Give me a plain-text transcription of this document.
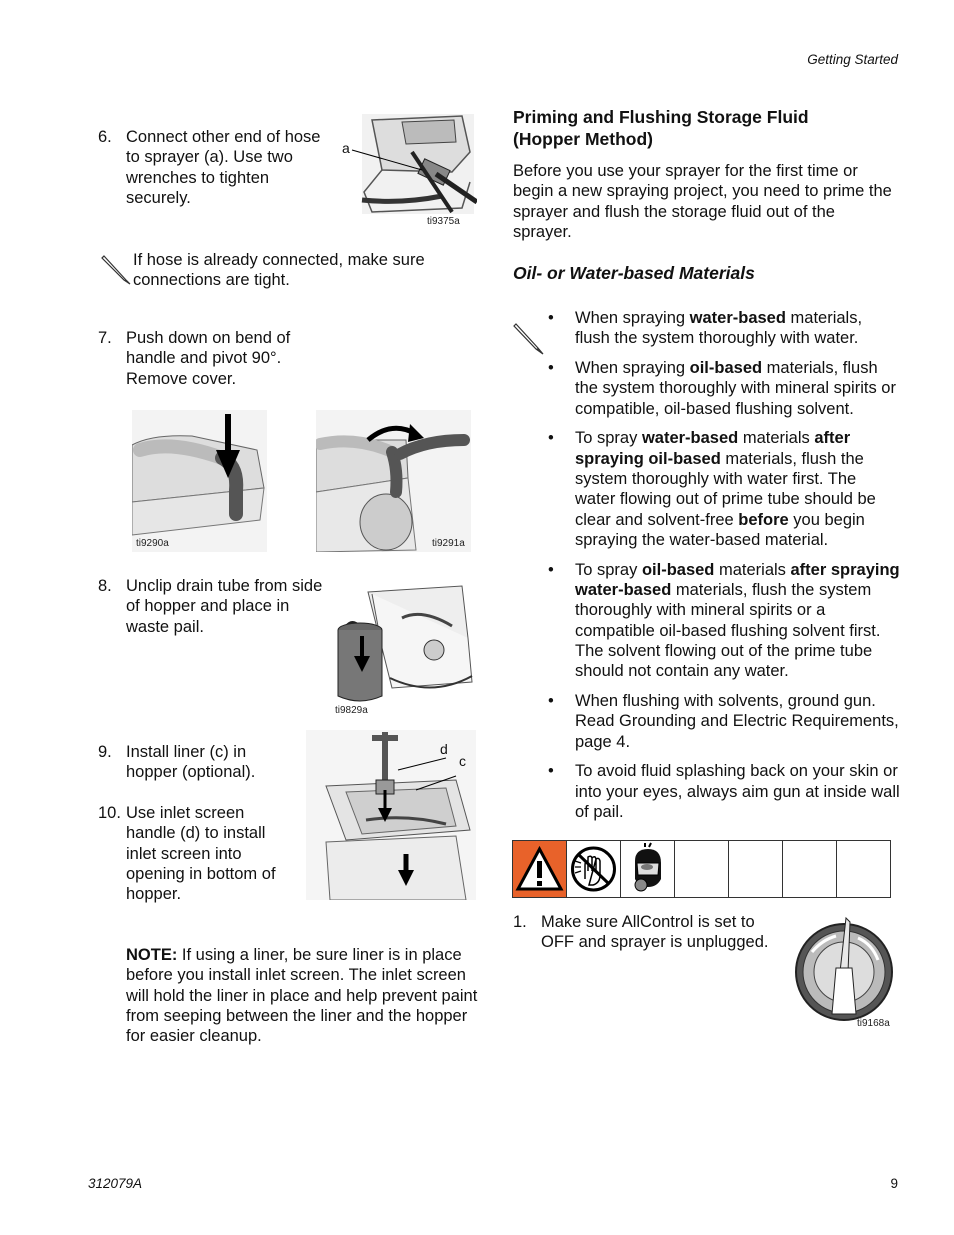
Getting Started
6. Connect other end of hose to sprayer (a). Use two wrenches to tighten securely.
a
ti9375a
If hose is already connected, make sure connections are tight.
7. Push down on bend of handle and pivot 90°. Remove cover.
ti9290a	ti9291a
8. Unclip drain tube from side of hopper and place in waste pail.
ti9829a
9. Install liner (c) in hopper (optional).
10. Use inlet screen handle (d) to install inlet screen into opening in bottom of hopper.
d
c
NOTE: If using a liner, be sure liner is in place before you install inlet screen. The inlet screen will hold the liner in place and help prevent paint from seeping between the liner and the hopper for easier cleanup.
Priming and Flushing Storage Fluid (Hopper Method)
Before you use your sprayer for the first time or begin a new spraying project, you need to prime the sprayer and flush the storage fluid out of the sprayer.
Oil- or Water-based Materials
• When spraying water-based materials, flush the system thoroughly with water.
• When spraying oil-based materials, flush the system thoroughly with mineral spirits or compatible, oil-based flushing solvent.
• To spray water-based materials after spraying oil-based materials, flush the system thoroughly with water first. The water flowing out of prime tube should be clear and solvent-free before you begin spraying the water-based material.
• To spray oil-based materials after spraying water-based materials, flush the system thoroughly with mineral spirits or a compatible oil-based flushing solvent first. The solvent flowing out of the prime tube should not contain any water.
• When flushing with solvents, ground gun. Read Grounding and Electric Requirements, page 4.
• To avoid fluid splashing back on your skin or into your eyes, always aim gun at inside wall of pail.

1. Make sure AllControl is set to OFF and sprayer is unplugged.
ti9168a
312079A	9
